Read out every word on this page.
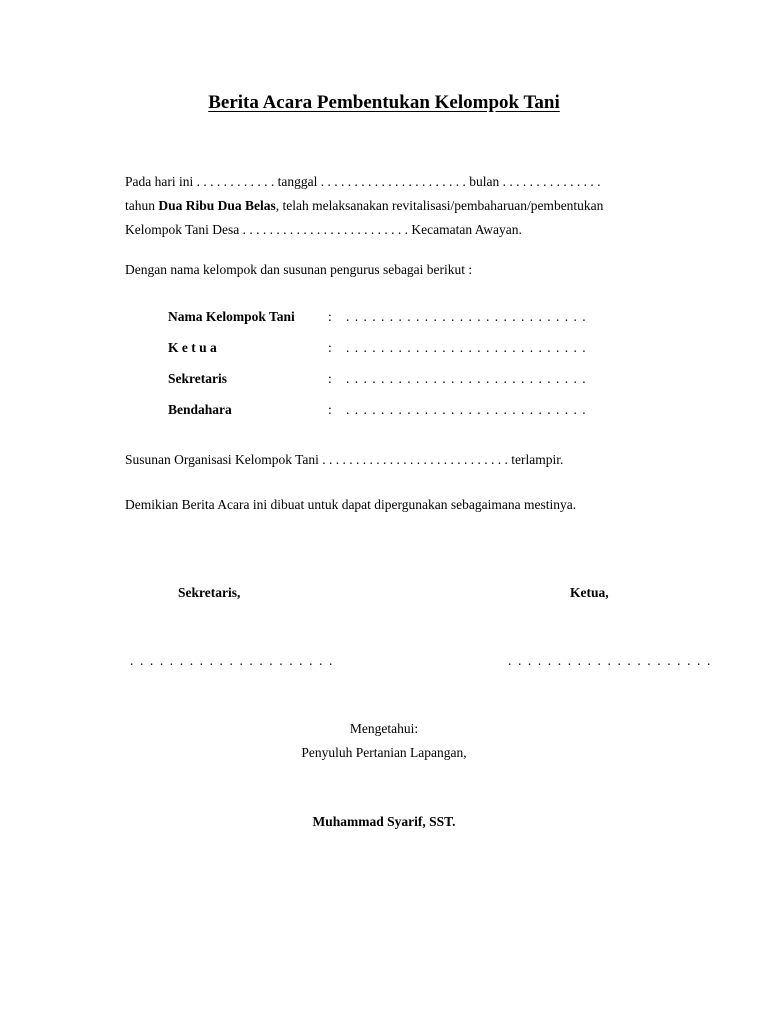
Berita Acara Pembentukan Kelompok Tani
Pada hari ini . . . . . . . . . . . . tanggal . . . . . . . . . . . . . . . . . . . . . . bulan . . . . . . . . . . . . . . .
tahun Dua Ribu Dua Belas, telah melaksanakan revitalisasi/pembaharuan/pembentukan
Kelompok Tani Desa . . . . . . . . . . . . . . . . . . . . . . . . . Kecamatan Awayan.
Dengan nama kelompok dan susunan pengurus sebagai berikut :
Nama Kelompok Tani : . . . . . . . . . . . . . . . . . . . . . . . . . . . .
K e t u a	: . . . . . . . . . . . . . . . . . . . . . . . . . . . .
Sekretaris	: . . . . . . . . . . . . . . . . . . . . . . . . . . . .
Bendahara	: . . . . . . . . . . . . . . . . . . . . . . . . . . . .
Susunan Organisasi Kelompok Tani . . . . . . . . . . . . . . . . . . . . . . . . . . . . terlampir.
Demikian Berita Acara ini dibuat untuk dapat dipergunakan sebagaimana mestinya.
Sekretaris,	Ketua,
. . . . . . . . . . . . . . . . . . . . .	. . . . . . . . . . . . . . . . . . . . .
Mengetahui:
Penyuluh Pertanian Lapangan,
Muhammad Syarif, SST.
